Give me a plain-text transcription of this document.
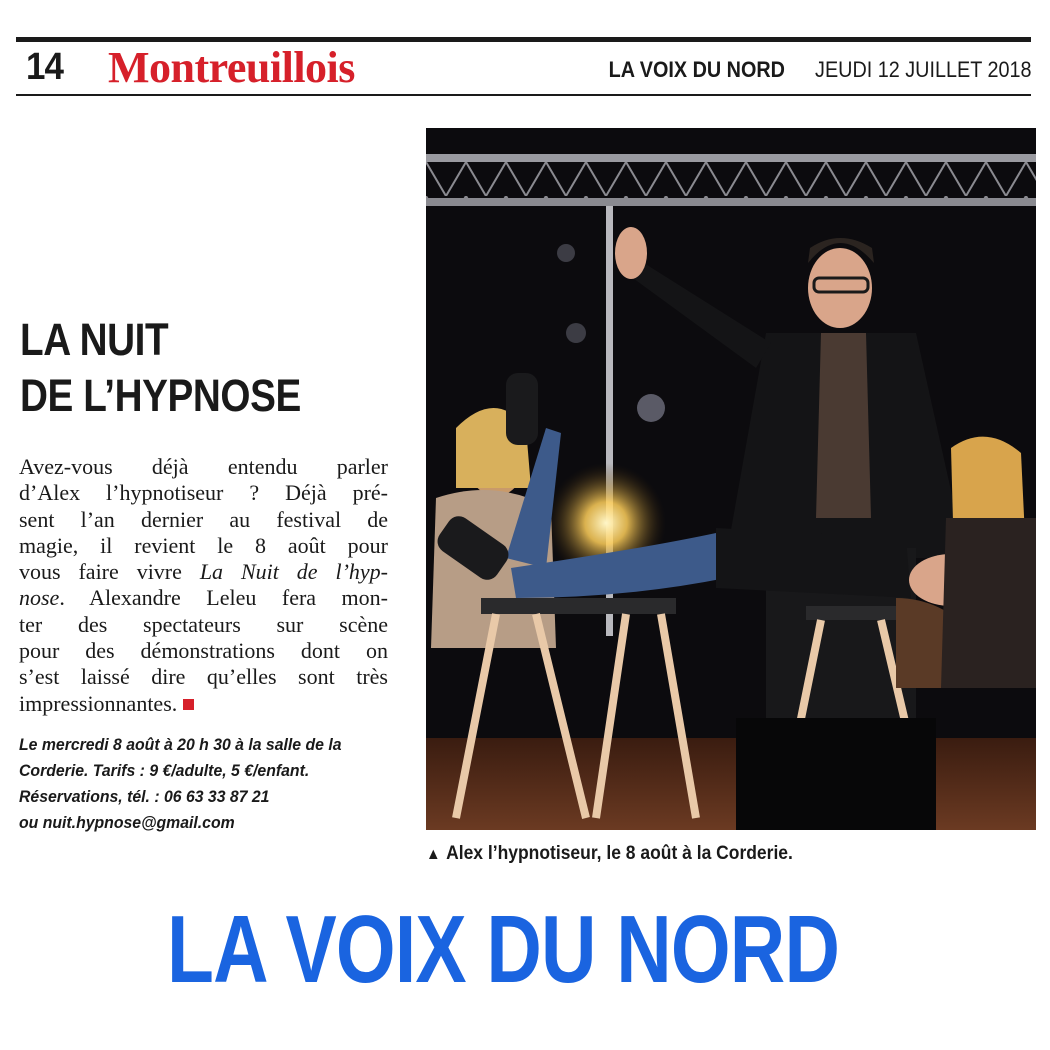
14 Montreuillois	LA VOIX DU NORD JEUDI 12 JUILLET 2018
LA NUIT
DE L’HYPNOSE
Avez-vous déjà entendu parler
d’Alex l’hypnotiseur ? Déjà pré-
sent l’an dernier au festival de
magie, il revient le 8 août pour
vous faire vivre La Nuit de l’hyp-
nose. Alexandre Leleu fera mon-
ter des spectateurs sur scène
pour des démonstrations dont on
s’est laissé dire qu’elles sont très
impressionnantes.
Le mercredi 8 août à 20 h 30 à la salle de la
Corderie. Tarifs : 9 €/adulte, 5 €/enfant.
Réservations, tél. : 06 63 33 87 21
ou nuit.hypnose@gmail.com
▲ Alex l’hypnotiseur, le 8 août à la Corderie.
LA VOIX DU NORD
